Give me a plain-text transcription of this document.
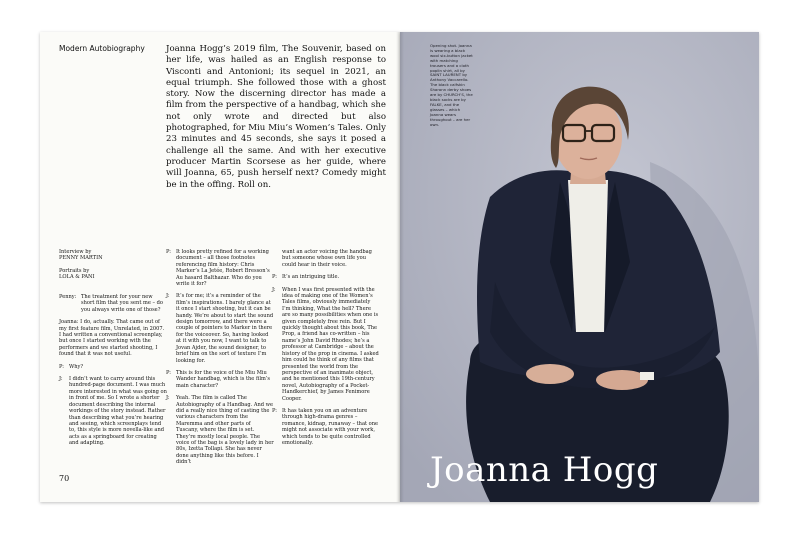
Modern Autobiography Joanna Hogg’s 2019 film, The Souvenir, based on her life, was hailed as an English response to Visconti and Antonioni; its sequel in 2021, an equal triumph. She followed those with a ghost story. Now the discerning director has made a film from the perspective of a handbag, which she not only wrote and directed but also photographed, for Miu Miu’s Women’s Tales. Only 23 minutes and 45 seconds, she says it posed a challenge all the same. And with her executive producer Martin Scorsese as her guide, where will Joanna, 65, push herself next? Comedy might be in the offing. Roll on.

Interview by
PENNY MARTIN
Portraits by
LOLA & PANI

Penny: The treatment for your new short film that you sent me – do you always write one of those?

Joanna: I do, actually. That came out of my first feature film, Unrelated, in 2007. I had written a conventional screenplay, but once I started working with the performers and we started shooting, I found that it was not useful.

P: Why?

J: I didn’t want to carry around this hundred-page document. I was much more interested in what was going on in front of me. So I wrote a shorter document describing the internal workings of the story instead. Rather than describing what you’re hearing and seeing, which screenplays tend to, this style is more novella-like and acts as a springboard for creating and adapting.

P: It looks pretty refined for a working document – all those footnotes referencing film history: Chris Marker’s La Jetée, Robert Bresson’s Au hasard Balthazar. Who do you write it for?

J: It’s for me; it’s a reminder of the film’s inspirations. I barely glance at it once I start shooting, but it can be handy. We’re about to start the sound design tomorrow, and there were a couple of pointers to Marker in there for the voiceover. So, having looked at it with you now, I want to talk to Jovan Ajder, the sound designer, to brief him on the sort of texture I’m looking for.

P: This is for the voice of the Miu Miu Wander handbag, which is the film’s main character?

J: Yeah. The film is called The Autobiography of a Handbag. And we did a really nice thing of casting the various characters from the Maremma and other parts of Tuscany, where the film is set. They’re mostly local people. The voice of the bag is a lovely lady in her 80s, Izetta Tollapi. She has never done anything like this before. I didn’t

want an actor voicing the handbag but someone whose own life you could hear in their voice.

P: It’s an intriguing title.

J: When I was first presented with the idea of making one of the Women’s Tales films, obviously immediately I’m thinking, What the hell? There are so many possibilities when one is given completely free rein. But I quickly thought about this book, The Prop, a friend has co-written – his name’s John David Rhodes; he’s a professor at Cambridge – about the history of the prop in cinema. I asked him could he think of any films that presented the world from the perspective of an inanimate object, and he mentioned this 19th-century novel, Autobiography of a Pocket-Handkerchief, by James Fenimore Cooper.

P: It has taken you on an adventure through high-drama genres – romance, kidnap, runaway – that one might not associate with your work, which tends to be quite controlled emotionally.

70
Opening shot. Joanna is wearing a black wool six-button jacket with matching trousers and a cloth poplin shirt, all by SAINT LAURENT by Anthony Vaccarello. The black calfskin Sharonn derby shoes are by CHURCH’S, the black socks are by FALKE, and the glasses – which Joanna wears throughout – are her own.
Joanna Hogg
